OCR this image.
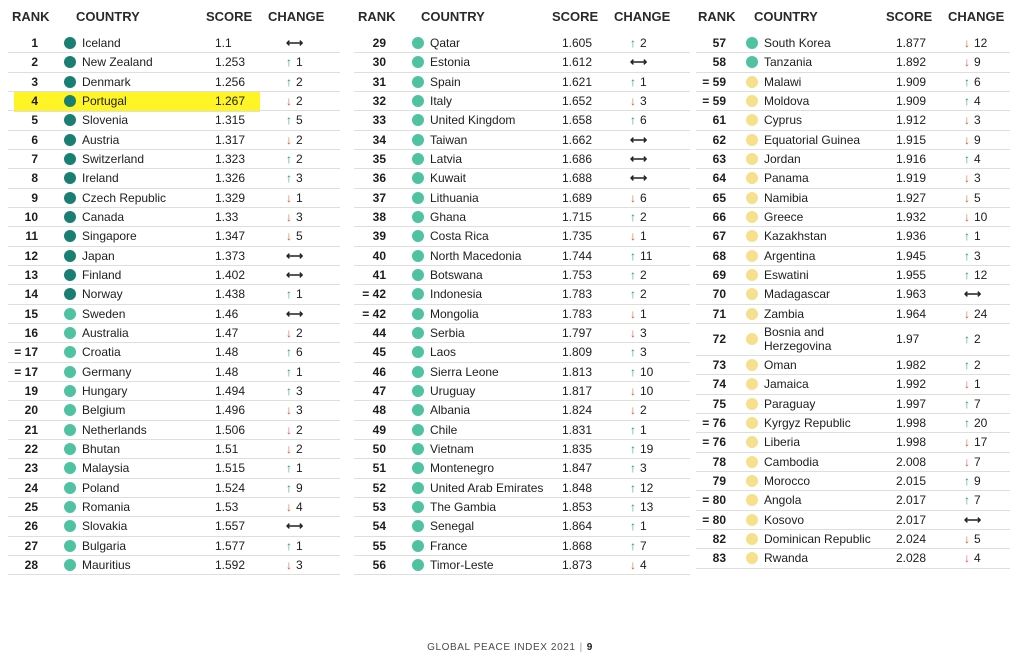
RANK COUNTRY	SCORE CHANGE
1	Iceland	1.1	⟷
2	New Zealand	1.253	↑ 1
3	Denmark	1.256	↑ 2
4	Portugal	1.267	↓ 2
5	Slovenia	1.315	↑ 5
6	Austria	1.317	↓ 2
7	Switzerland	1.323	↑ 2
8	Ireland	1.326	↑ 3
9	Czech Republic	1.329	↓ 1
10	Canada	1.33	↓ 3
11	Singapore	1.347	↓ 5
12	Japan	1.373	⟷
13	Finland	1.402	⟷
14	Norway	1.438	↑ 1
15	Sweden	1.46	⟷
16	Australia	1.47	↓ 2
= 17	Croatia	1.48	↑ 6
= 17	Germany	1.48	↑ 1
19	Hungary	1.494	↑ 3
20	Belgium	1.496	↓ 3
21	Netherlands	1.506	↓ 2
22	Bhutan	1.51	↓ 2
23	Malaysia	1.515	↑ 1
24	Poland	1.524	↑ 9
25	Romania	1.53	↓ 4
26	Slovakia	1.557	⟷
27	Bulgaria	1.577	↑ 1
28	Mauritius	1.592	↓ 3
RANK COUNTRY	SCORE CHANGE
29	Qatar	1.605	↑ 2
30	Estonia	1.612	⟷
31	Spain	1.621	↑ 1
32	Italy	1.652	↓ 3
33	United Kingdom	1.658	↑ 6
34	Taiwan	1.662	⟷
35	Latvia	1.686	⟷
36	Kuwait	1.688	⟷
37	Lithuania	1.689	↓ 6
38	Ghana	1.715	↑ 2
39	Costa Rica	1.735	↓ 1
40	North Macedonia	1.744	↑ 11
41	Botswana	1.753	↑ 2
= 42	Indonesia	1.783	↑ 2
= 42	Mongolia	1.783	↓ 1
44	Serbia	1.797	↓ 3
45	Laos	1.809	↑ 3
46	Sierra Leone	1.813	↑ 10
47	Uruguay	1.817	↓ 10
48	Albania	1.824	↓ 2
49	Chile	1.831	↑ 1
50	Vietnam	1.835	↑ 19
51	Montenegro	1.847	↑ 3
52	United Arab Emirates 1.848	↑ 12
53	The Gambia	1.853	↑ 13
54	Senegal	1.864	↑ 1
55	France	1.868	↑ 7
56	Timor-Leste	1.873	↓ 4
RANK COUNTRY	SCORE CHANGE
57	South Korea	1.877	↓ 12
58	Tanzania	1.892	↓ 9
= 59	Malawi	1.909	↑ 6
= 59	Moldova	1.909	↑ 4
61	Cyprus	1.912	↓ 3
62	Equatorial Guinea	1.915	↓ 9
63	Jordan	1.916	↑ 4
64	Panama	1.919	↓ 3
65	Namibia	1.927	↓ 5
66	Greece	1.932	↓ 10
67	Kazakhstan	1.936	↑ 1
68	Argentina	1.945	↑ 3
69	Eswatini	1.955	↑ 12
70	Madagascar	1.963	⟷
71	Zambia	1.964	↓ 24
72	Bosnia and Herzegovina	1.97	↑ 2
73	Oman	1.982	↑ 2
74	Jamaica	1.992	↓ 1
75	Paraguay	1.997	↑ 7
= 76	Kyrgyz Republic	1.998	↑ 20
= 76	Liberia	1.998	↓ 17
78	Cambodia	2.008	↓ 7
79	Morocco	2.015	↑ 9
= 80	Angola	2.017	↑ 7
= 80	Kosovo	2.017	⟷
82	Dominican Republic 2.024	↓ 5
83	Rwanda	2.028	↓ 4
GLOBAL PEACE INDEX 2021 | 9
